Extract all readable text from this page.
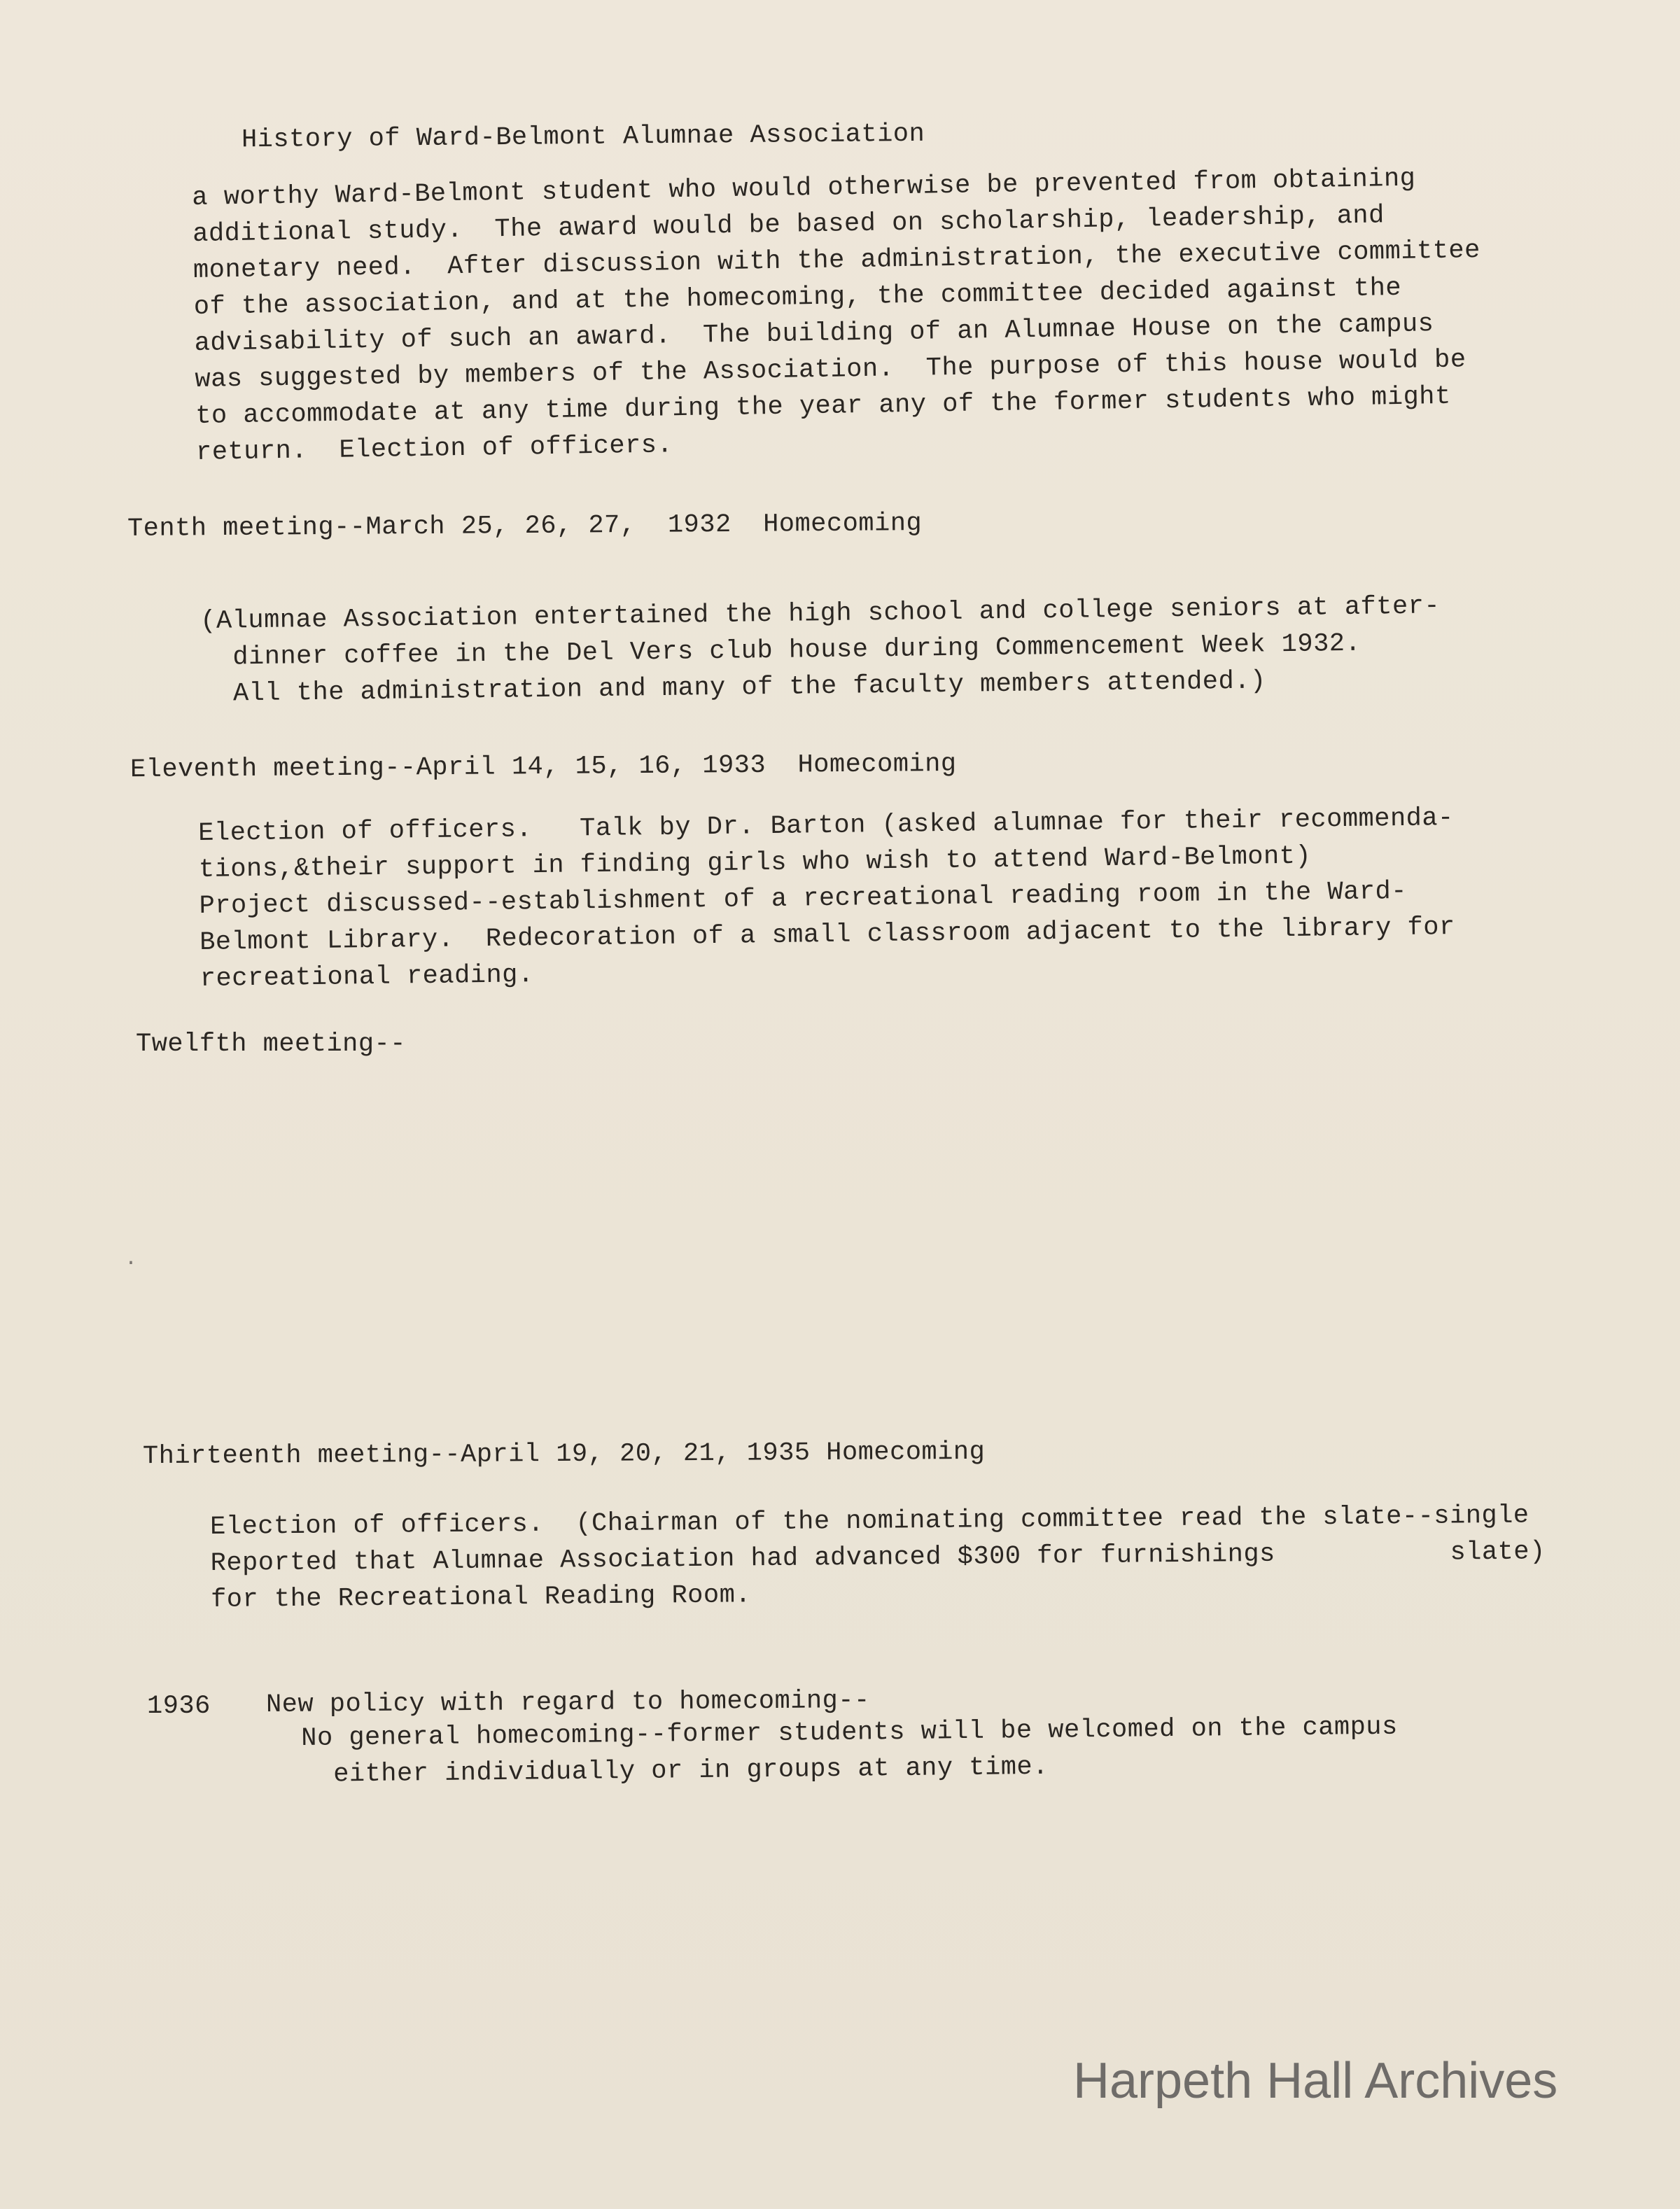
History of Ward-Belmont Alumnae Association
a worthy Ward-Belmont student who would otherwise be prevented from obtaining
additional study.  The award would be based on scholarship, leadership, and
monetary need.  After discussion with the administration, the executive committee
of the association, and at the homecoming, the committee decided against the
advisability of such an award.  The building of an Alumnae House on the campus
was suggested by members of the Association.  The purpose of this house would be
to accommodate at any time during the year any of the former students who might
return.  Election of officers.
Tenth meeting--March 25, 26, 27,  1932  Homecoming
(Alumnae Association entertained the high school and college seniors at after-
dinner coffee in the Del Vers club house during Commencement Week 1932.
All the administration and many of the faculty members attended.)
Eleventh meeting--April 14, 15, 16, 1933  Homecoming
Election of officers.   Talk by Dr. Barton (asked alumnae for their recommenda-
tions,&their support in finding girls who wish to attend Ward-Belmont)
Project discussed--establishment of a recreational reading room in the Ward-
Belmont Library.  Redecoration of a small classroom adjacent to the library for
recreational reading.
Twelfth meeting--
·
Thirteenth meeting--April 19, 20, 21, 1935 Homecoming
Election of officers.  (Chairman of the nominating committee read the slate--single
Reported that Alumnae Association had advanced $300 for furnishings           slate)
for the Recreational Reading Room.
1936 New policy with regard to homecoming--
No general homecoming--former students will be welcomed on the campus
either individually or in groups at any time.
Harpeth Hall Archives
